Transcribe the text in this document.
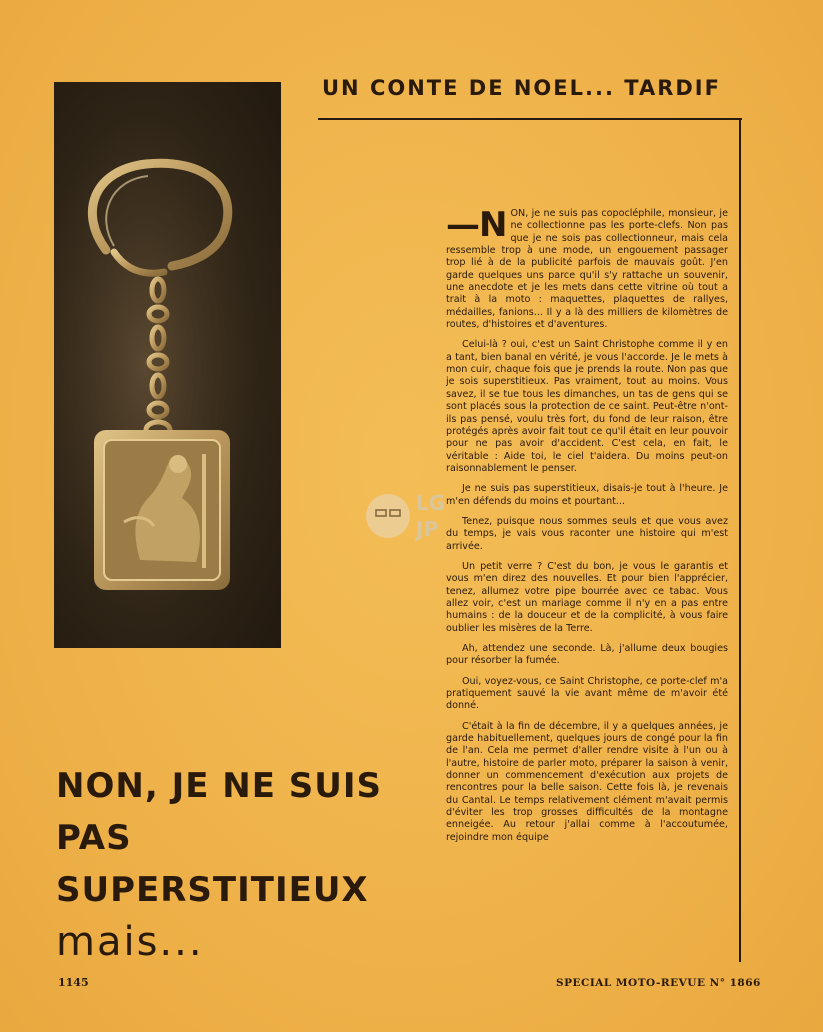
UN CONTE DE NOEL... TARDIF

—N ON, je ne suis pas copocléphile, monsieur, je ne collectionne pas les porte-clefs. Non pas que je ne sois pas collectionneur, mais cela ressemble trop à une mode, un engouement passager trop lié à de la publicité parfois de mauvais goût. J'en garde quelques uns parce qu'il s'y rattache un souvenir, une anecdote et je les mets dans cette vitrine où tout a trait à la moto : maquettes, plaquettes de rallyes, médailles, fanions... Il y a là des milliers de kilomètres de routes, d'histoires et d'aventures.

Celui-là ? oui, c'est un Saint Christophe comme il y en a tant, bien banal en vérité, je vous l'accorde. Je le mets à mon cuir, chaque fois que je prends la route. Non pas que je sois superstitieux. Pas vraiment, tout au moins. Vous savez, il se tue tous les dimanches, un tas de gens qui se sont placés sous la protection de ce saint. Peut-être n'ont-ils pas pensé, voulu très fort, du fond de leur raison, être protégés après avoir fait tout ce qu'il était en leur pouvoir pour ne pas avoir d'accident. C'est cela, en fait, le véritable : Aide toi, le ciel t'aidera. Du moins peut-on raisonnablement le penser.

Je ne suis pas superstitieux, disais-je tout à l'heure. Je m'en défends du moins et pourtant...

Tenez, puisque nous sommes seuls et que vous avez du temps, je vais vous raconter une histoire qui m'est arrivée.

Un petit verre ? C'est du bon, je vous le garantis et vous m'en direz des nouvelles. Et pour bien l'apprécier, tenez, allumez votre pipe bourrée avec ce tabac. Vous allez voir, c'est un mariage comme il n'y en a pas entre humains : de la douceur et de la complicité, à vous faire oublier les misères de la Terre.

Ah, attendez une seconde. Là, j'allume deux bougies pour résorber la fumée.

Oui, voyez-vous, ce Saint Christophe, ce porte-clef m'a pratiquement sauvé la vie avant même de m'avoir été donné.

C'était à la fin de décembre, il y a quelques années, je garde habituellement, quelques jours de congé pour la fin de l'an. Cela me permet d'aller rendre visite à l'un ou à l'autre, histoire de parler moto, préparer la saison à venir, donner un commencement d'exécution aux projets de rencontres pour la belle saison. Cette fois là, je revenais du Cantal. Le temps relativement clément m'avait permis d'éviter les trop grosses difficultés de la montagne enneigée. Au retour j'allai comme à l'accoutumée, rejoindre mon équipe

LG
JP
NON, JE NE SUIS
PAS
SUPERSTITIEUX
mais...
1145	SPECIAL MOTO-REVUE N° 1866
